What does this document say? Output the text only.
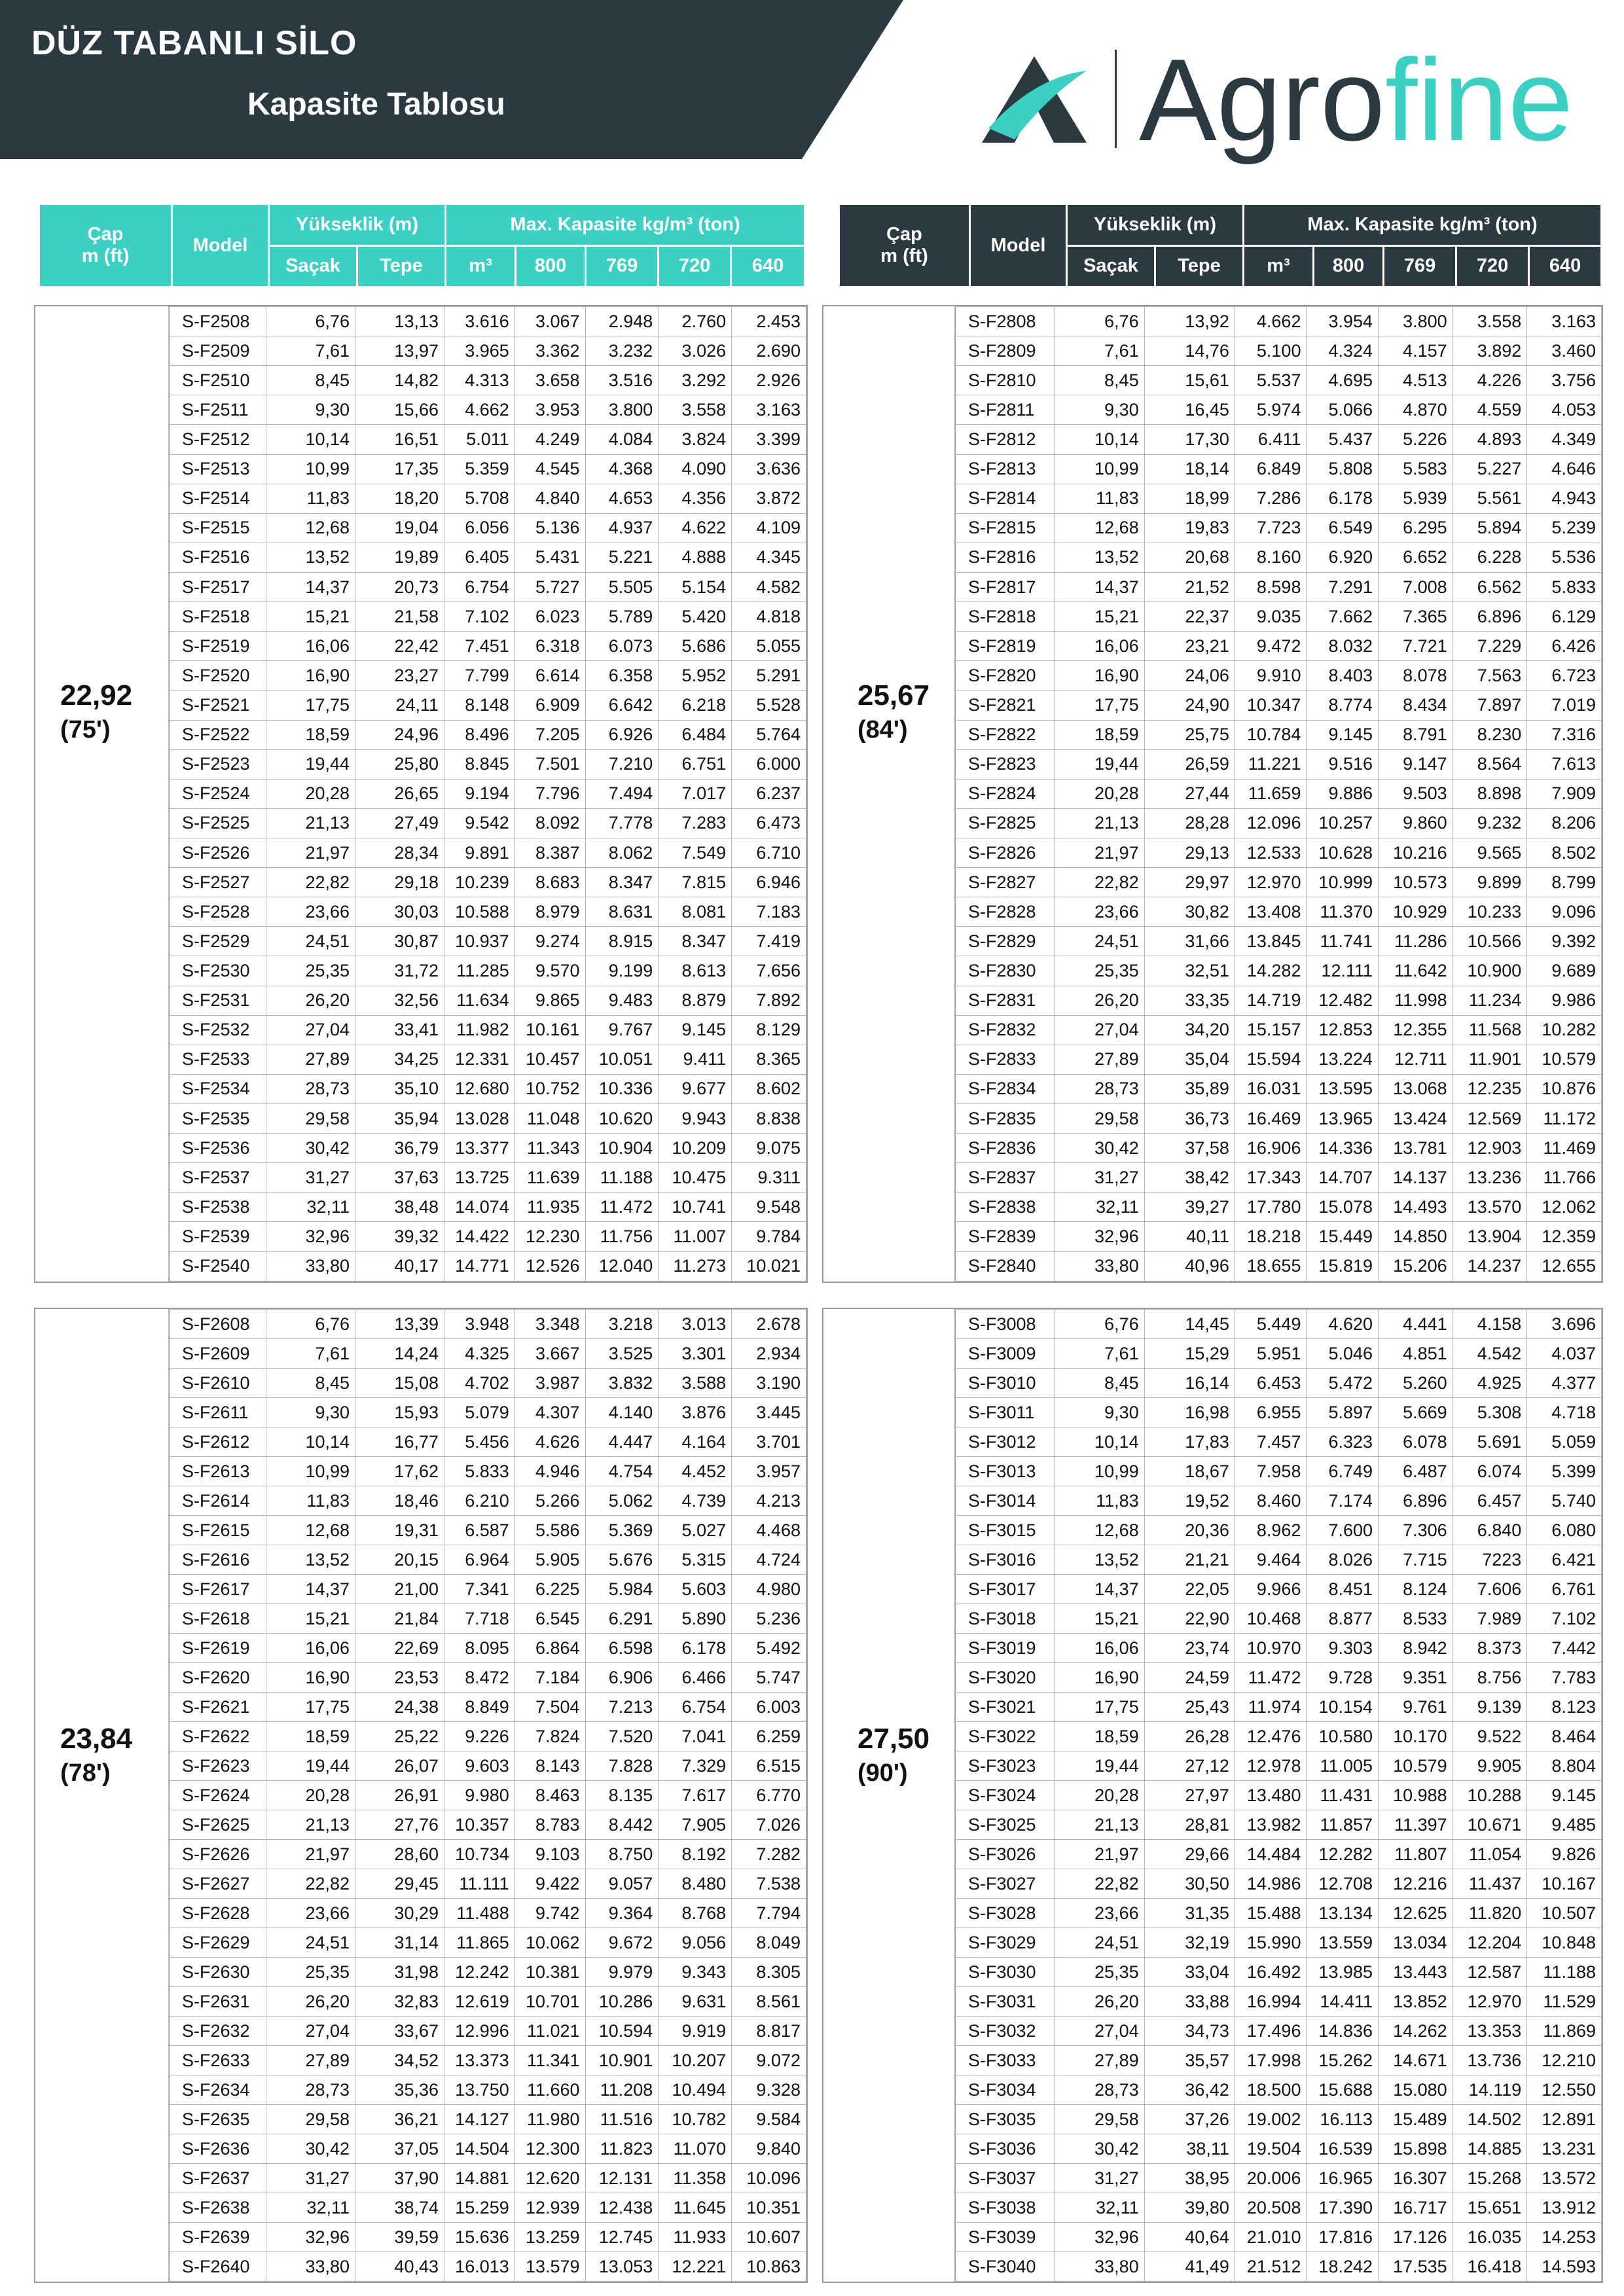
DÜZ TABANLI SİLO
Kapasite Tablosu	Agrofine
Çap
m (ft)	Model	Yükseklik (m)		Max. Kapasite kg/m³ (ton)				
		Saçak	Tepe	m³	800	769	720	640
Çap
m (ft)	Model	Yükseklik (m)		Max. Kapasite kg/m³ (ton)				
		Saçak	Tepe	m³	800	769	720	640
22,92
(75')
S-F2508	6,76	13,13	3.616	3.067	2.948	2.760	2.453
S-F2509	7,61	13,97	3.965	3.362	3.232	3.026	2.690
S-F2510	8,45	14,82	4.313	3.658	3.516	3.292	2.926
S-F2511	9,30	15,66	4.662	3.953	3.800	3.558	3.163
S-F2512	10,14	16,51	5.011	4.249	4.084	3.824	3.399
S-F2513	10,99	17,35	5.359	4.545	4.368	4.090	3.636
S-F2514	11,83	18,20	5.708	4.840	4.653	4.356	3.872
S-F2515	12,68	19,04	6.056	5.136	4.937	4.622	4.109
S-F2516	13,52	19,89	6.405	5.431	5.221	4.888	4.345
S-F2517	14,37	20,73	6.754	5.727	5.505	5.154	4.582
S-F2518	15,21	21,58	7.102	6.023	5.789	5.420	4.818
S-F2519	16,06	22,42	7.451	6.318	6.073	5.686	5.055
S-F2520	16,90	23,27	7.799	6.614	6.358	5.952	5.291
S-F2521	17,75	24,11	8.148	6.909	6.642	6.218	5.528
S-F2522	18,59	24,96	8.496	7.205	6.926	6.484	5.764
S-F2523	19,44	25,80	8.845	7.501	7.210	6.751	6.000
S-F2524	20,28	26,65	9.194	7.796	7.494	7.017	6.237
S-F2525	21,13	27,49	9.542	8.092	7.778	7.283	6.473
S-F2526	21,97	28,34	9.891	8.387	8.062	7.549	6.710
S-F2527	22,82	29,18	10.239	8.683	8.347	7.815	6.946
S-F2528	23,66	30,03	10.588	8.979	8.631	8.081	7.183
S-F2529	24,51	30,87	10.937	9.274	8.915	8.347	7.419
S-F2530	25,35	31,72	11.285	9.570	9.199	8.613	7.656
S-F2531	26,20	32,56	11.634	9.865	9.483	8.879	7.892
S-F2532	27,04	33,41	11.982	10.161	9.767	9.145	8.129
S-F2533	27,89	34,25	12.331	10.457	10.051	9.411	8.365
S-F2534	28,73	35,10	12.680	10.752	10.336	9.677	8.602
S-F2535	29,58	35,94	13.028	11.048	10.620	9.943	8.838
S-F2536	30,42	36,79	13.377	11.343	10.904	10.209	9.075
S-F2537	31,27	37,63	13.725	11.639	11.188	10.475	9.311
S-F2538	32,11	38,48	14.074	11.935	11.472	10.741	9.548
S-F2539	32,96	39,32	14.422	12.230	11.756	11.007	9.784
S-F2540	33,80	40,17	14.771	12.526	12.040	11.273	10.021
25,67
(84')
S-F2808	6,76	13,92	4.662	3.954	3.800	3.558	3.163
S-F2809	7,61	14,76	5.100	4.324	4.157	3.892	3.460
S-F2810	8,45	15,61	5.537	4.695	4.513	4.226	3.756
S-F2811	9,30	16,45	5.974	5.066	4.870	4.559	4.053
S-F2812	10,14	17,30	6.411	5.437	5.226	4.893	4.349
S-F2813	10,99	18,14	6.849	5.808	5.583	5.227	4.646
S-F2814	11,83	18,99	7.286	6.178	5.939	5.561	4.943
S-F2815	12,68	19,83	7.723	6.549	6.295	5.894	5.239
S-F2816	13,52	20,68	8.160	6.920	6.652	6.228	5.536
S-F2817	14,37	21,52	8.598	7.291	7.008	6.562	5.833
S-F2818	15,21	22,37	9.035	7.662	7.365	6.896	6.129
S-F2819	16,06	23,21	9.472	8.032	7.721	7.229	6.426
S-F2820	16,90	24,06	9.910	8.403	8.078	7.563	6.723
S-F2821	17,75	24,90	10.347	8.774	8.434	7.897	7.019
S-F2822	18,59	25,75	10.784	9.145	8.791	8.230	7.316
S-F2823	19,44	26,59	11.221	9.516	9.147	8.564	7.613
S-F2824	20,28	27,44	11.659	9.886	9.503	8.898	7.909
S-F2825	21,13	28,28	12.096	10.257	9.860	9.232	8.206
S-F2826	21,97	29,13	12.533	10.628	10.216	9.565	8.502
S-F2827	22,82	29,97	12.970	10.999	10.573	9.899	8.799
S-F2828	23,66	30,82	13.408	11.370	10.929	10.233	9.096
S-F2829	24,51	31,66	13.845	11.741	11.286	10.566	9.392
S-F2830	25,35	32,51	14.282	12.111	11.642	10.900	9.689
S-F2831	26,20	33,35	14.719	12.482	11.998	11.234	9.986
S-F2832	27,04	34,20	15.157	12.853	12.355	11.568	10.282
S-F2833	27,89	35,04	15.594	13.224	12.711	11.901	10.579
S-F2834	28,73	35,89	16.031	13.595	13.068	12.235	10.876
S-F2835	29,58	36,73	16.469	13.965	13.424	12.569	11.172
S-F2836	30,42	37,58	16.906	14.336	13.781	12.903	11.469
S-F2837	31,27	38,42	17.343	14.707	14.137	13.236	11.766
S-F2838	32,11	39,27	17.780	15.078	14.493	13.570	12.062
S-F2839	32,96	40,11	18.218	15.449	14.850	13.904	12.359
S-F2840	33,80	40,96	18.655	15.819	15.206	14.237	12.655
23,84
(78')
S-F2608	6,76	13,39	3.948	3.348	3.218	3.013	2.678
S-F2609	7,61	14,24	4.325	3.667	3.525	3.301	2.934
S-F2610	8,45	15,08	4.702	3.987	3.832	3.588	3.190
S-F2611	9,30	15,93	5.079	4.307	4.140	3.876	3.445
S-F2612	10,14	16,77	5.456	4.626	4.447	4.164	3.701
S-F2613	10,99	17,62	5.833	4.946	4.754	4.452	3.957
S-F2614	11,83	18,46	6.210	5.266	5.062	4.739	4.213
S-F2615	12,68	19,31	6.587	5.586	5.369	5.027	4.468
S-F2616	13,52	20,15	6.964	5.905	5.676	5.315	4.724
S-F2617	14,37	21,00	7.341	6.225	5.984	5.603	4.980
S-F2618	15,21	21,84	7.718	6.545	6.291	5.890	5.236
S-F2619	16,06	22,69	8.095	6.864	6.598	6.178	5.492
S-F2620	16,90	23,53	8.472	7.184	6.906	6.466	5.747
S-F2621	17,75	24,38	8.849	7.504	7.213	6.754	6.003
S-F2622	18,59	25,22	9.226	7.824	7.520	7.041	6.259
S-F2623	19,44	26,07	9.603	8.143	7.828	7.329	6.515
S-F2624	20,28	26,91	9.980	8.463	8.135	7.617	6.770
S-F2625	21,13	27,76	10.357	8.783	8.442	7.905	7.026
S-F2626	21,97	28,60	10.734	9.103	8.750	8.192	7.282
S-F2627	22,82	29,45	11.111	9.422	9.057	8.480	7.538
S-F2628	23,66	30,29	11.488	9.742	9.364	8.768	7.794
S-F2629	24,51	31,14	11.865	10.062	9.672	9.056	8.049
S-F2630	25,35	31,98	12.242	10.381	9.979	9.343	8.305
S-F2631	26,20	32,83	12.619	10.701	10.286	9.631	8.561
S-F2632	27,04	33,67	12.996	11.021	10.594	9.919	8.817
S-F2633	27,89	34,52	13.373	11.341	10.901	10.207	9.072
S-F2634	28,73	35,36	13.750	11.660	11.208	10.494	9.328
S-F2635	29,58	36,21	14.127	11.980	11.516	10.782	9.584
S-F2636	30,42	37,05	14.504	12.300	11.823	11.070	9.840
S-F2637	31,27	37,90	14.881	12.620	12.131	11.358	10.096
S-F2638	32,11	38,74	15.259	12.939	12.438	11.645	10.351
S-F2639	32,96	39,59	15.636	13.259	12.745	11.933	10.607
S-F2640	33,80	40,43	16.013	13.579	13.053	12.221	10.863
27,50
(90')
S-F3008	6,76	14,45	5.449	4.620	4.441	4.158	3.696
S-F3009	7,61	15,29	5.951	5.046	4.851	4.542	4.037
S-F3010	8,45	16,14	6.453	5.472	5.260	4.925	4.377
S-F3011	9,30	16,98	6.955	5.897	5.669	5.308	4.718
S-F3012	10,14	17,83	7.457	6.323	6.078	5.691	5.059
S-F3013	10,99	18,67	7.958	6.749	6.487	6.074	5.399
S-F3014	11,83	19,52	8.460	7.174	6.896	6.457	5.740
S-F3015	12,68	20,36	8.962	7.600	7.306	6.840	6.080
S-F3016	13,52	21,21	9.464	8.026	7.715	7223	6.421
S-F3017	14,37	22,05	9.966	8.451	8.124	7.606	6.761
S-F3018	15,21	22,90	10.468	8.877	8.533	7.989	7.102
S-F3019	16,06	23,74	10.970	9.303	8.942	8.373	7.442
S-F3020	16,90	24,59	11.472	9.728	9.351	8.756	7.783
S-F3021	17,75	25,43	11.974	10.154	9.761	9.139	8.123
S-F3022	18,59	26,28	12.476	10.580	10.170	9.522	8.464
S-F3023	19,44	27,12	12.978	11.005	10.579	9.905	8.804
S-F3024	20,28	27,97	13.480	11.431	10.988	10.288	9.145
S-F3025	21,13	28,81	13.982	11.857	11.397	10.671	9.485
S-F3026	21,97	29,66	14.484	12.282	11.807	11.054	9.826
S-F3027	22,82	30,50	14.986	12.708	12.216	11.437	10.167
S-F3028	23,66	31,35	15.488	13.134	12.625	11.820	10.507
S-F3029	24,51	32,19	15.990	13.559	13.034	12.204	10.848
S-F3030	25,35	33,04	16.492	13.985	13.443	12.587	11.188
S-F3031	26,20	33,88	16.994	14.411	13.852	12.970	11.529
S-F3032	27,04	34,73	17.496	14.836	14.262	13.353	11.869
S-F3033	27,89	35,57	17.998	15.262	14.671	13.736	12.210
S-F3034	28,73	36,42	18.500	15.688	15.080	14.119	12.550
S-F3035	29,58	37,26	19.002	16.113	15.489	14.502	12.891
S-F3036	30,42	38,11	19.504	16.539	15.898	14.885	13.231
S-F3037	31,27	38,95	20.006	16.965	16.307	15.268	13.572
S-F3038	32,11	39,80	20.508	17.390	16.717	15.651	13.912
S-F3039	32,96	40,64	21.010	17.816	17.126	16.035	14.253
S-F3040	33,80	41,49	21.512	18.242	17.535	16.418	14.593
